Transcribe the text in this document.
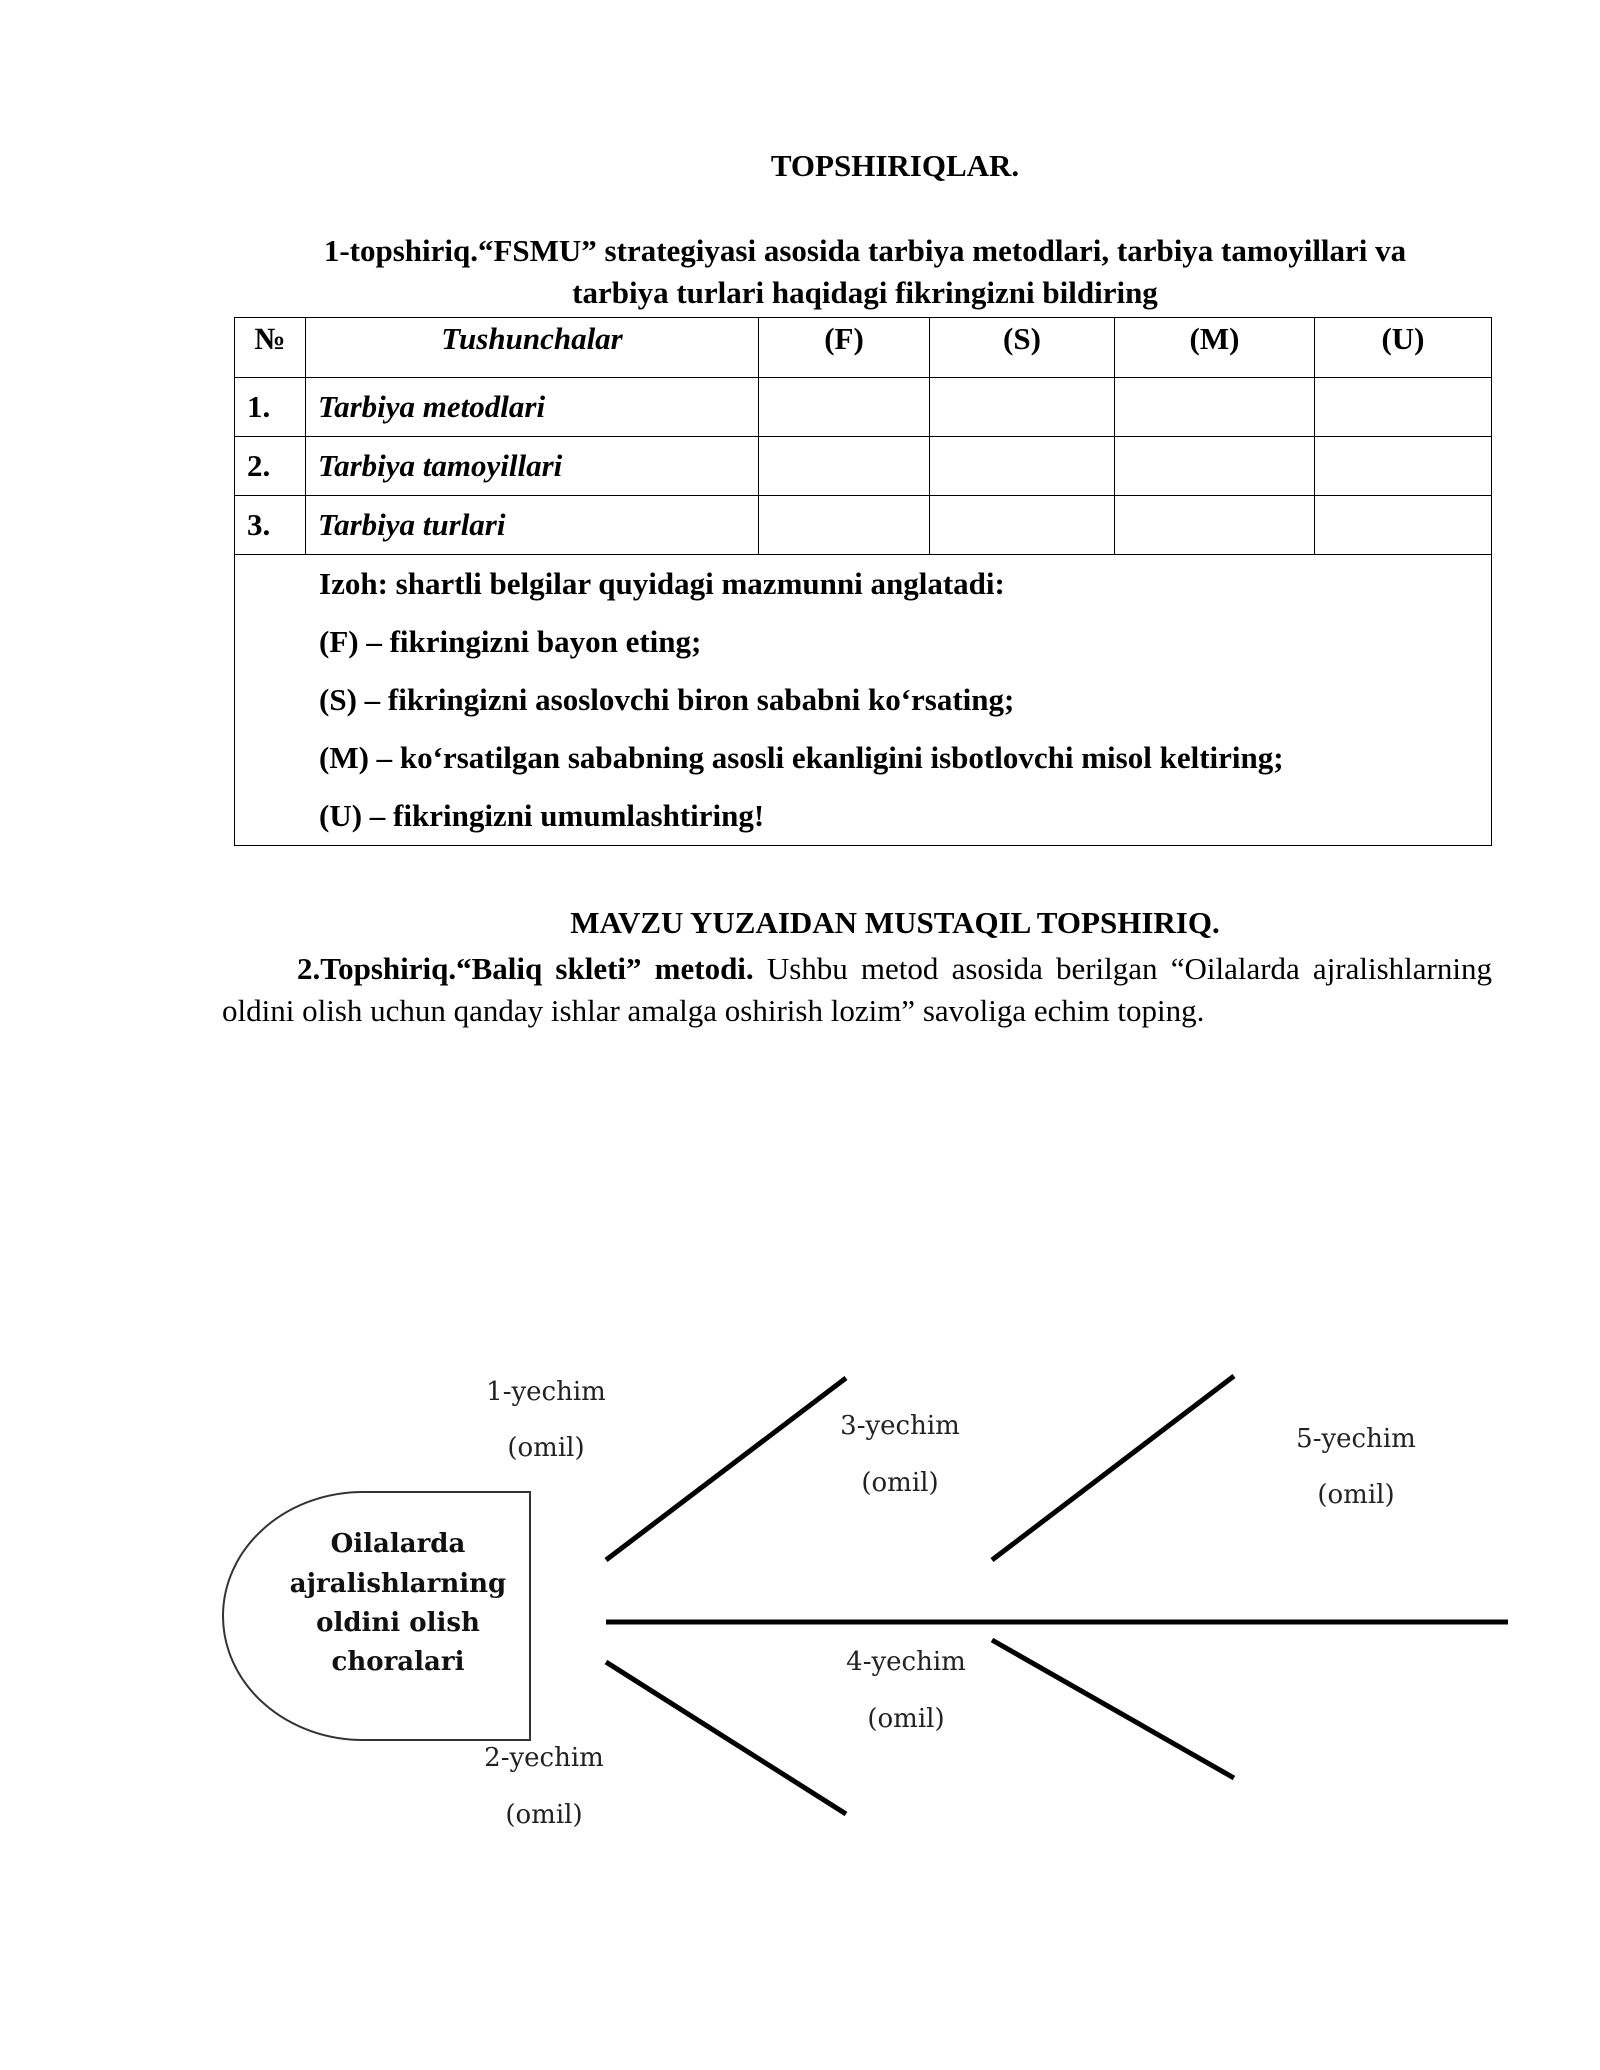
TOPSHIRIQLAR.
1-topshiriq.“FSMU” strategiyasi asosida tarbiya metodlari, tarbiya tamoyillari va
tarbiya turlari haqidagi fikringizni bildiring
№	Tushunchalar	(F)	(S)	(M)	(U)
1.	Tarbiya metodlari				
2.	Tarbiya tamoyillari				
3.	Tarbiya turlari				

Izoh: shartli belgilar quyidagi mazmunni anglatadi:
(F) – fikringizni bayon eting;
(S) – fikringizni asoslovchi biron sababni ko‘rsating;
(M) – ko‘rsatilgan sababning asosli ekanligini isbotlovchi misol keltiring;
(U) – fikringizni umumlashtiring!					
MAVZU YUZAIDAN MUSTAQIL TOPSHIRIQ.
2.Topshiriq.“Baliq skleti” metodi. Ushbu metod asosida berilgan “Oilalarda ajralishlarning oldini olish uchun qanday ishlar amalga oshirish lozim” savoliga echim toping.
Oilalarda
ajralishlarning
oldini olish
choralari
1-yechim
(omil)
2-yechim
(omil)
3-yechim
(omil)
4-yechim
(omil)
5-yechim
(omil)
